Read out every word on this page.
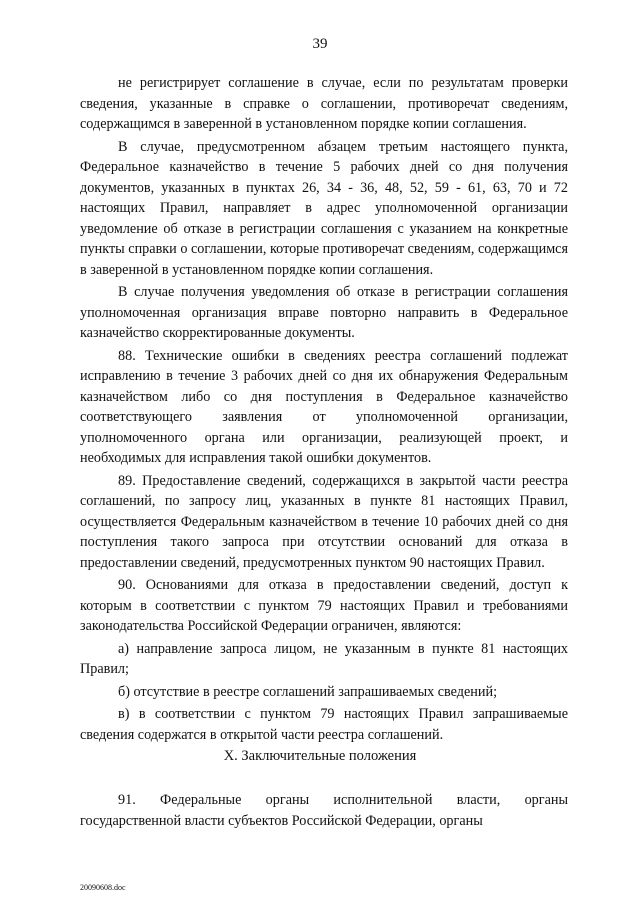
39

не регистрирует соглашение в случае, если по результатам проверки сведения, указанные в справке о соглашении, противоречат сведениям, содержащимся в заверенной в установленном порядке копии соглашения.

В случае, предусмотренном абзацем третьим настоящего пункта, Федеральное казначейство в течение 5 рабочих дней со дня получения документов, указанных в пунктах 26, 34 - 36, 48, 52, 59 - 61, 63, 70 и 72 настоящих Правил, направляет в адрес уполномоченной организации уведомление об отказе в регистрации соглашения с указанием на конкретные пункты справки о соглашении, которые противоречат сведениям, содержащимся в заверенной в установленном порядке копии соглашения.

В случае получения уведомления об отказе в регистрации соглашения уполномоченная организация вправе повторно направить в Федеральное казначейство скорректированные документы.

88. Технические ошибки в сведениях реестра соглашений подлежат исправлению в течение 3 рабочих дней со дня их обнаружения Федеральным казначейством либо со дня поступления в Федеральное казначейство соответствующего заявления от уполномоченной организации, уполномоченного органа или организации, реализующей проект, и необходимых для исправления такой ошибки документов.

89. Предоставление сведений, содержащихся в закрытой части реестра соглашений, по запросу лиц, указанных в пункте 81 настоящих Правил, осуществляется Федеральным казначейством в течение 10 рабочих дней со дня поступления такого запроса при отсутствии оснований для отказа в предоставлении сведений, предусмотренных пунктом 90 настоящих Правил.

90. Основаниями для отказа в предоставлении сведений, доступ к которым в соответствии с пунктом 79 настоящих Правил и требованиями законодательства Российской Федерации ограничен, являются:

а) направление запроса лицом, не указанным в пункте 81 настоящих Правил;

б) отсутствие в реестре соглашений запрашиваемых сведений;

в) в соответствии с пунктом 79 настоящих Правил запрашиваемые сведения содержатся в открытой части реестра соглашений.

X. Заключительные положения

91. Федеральные органы исполнительной власти, органы государственной власти субъектов Российской Федерации, органы

20090608.doc
